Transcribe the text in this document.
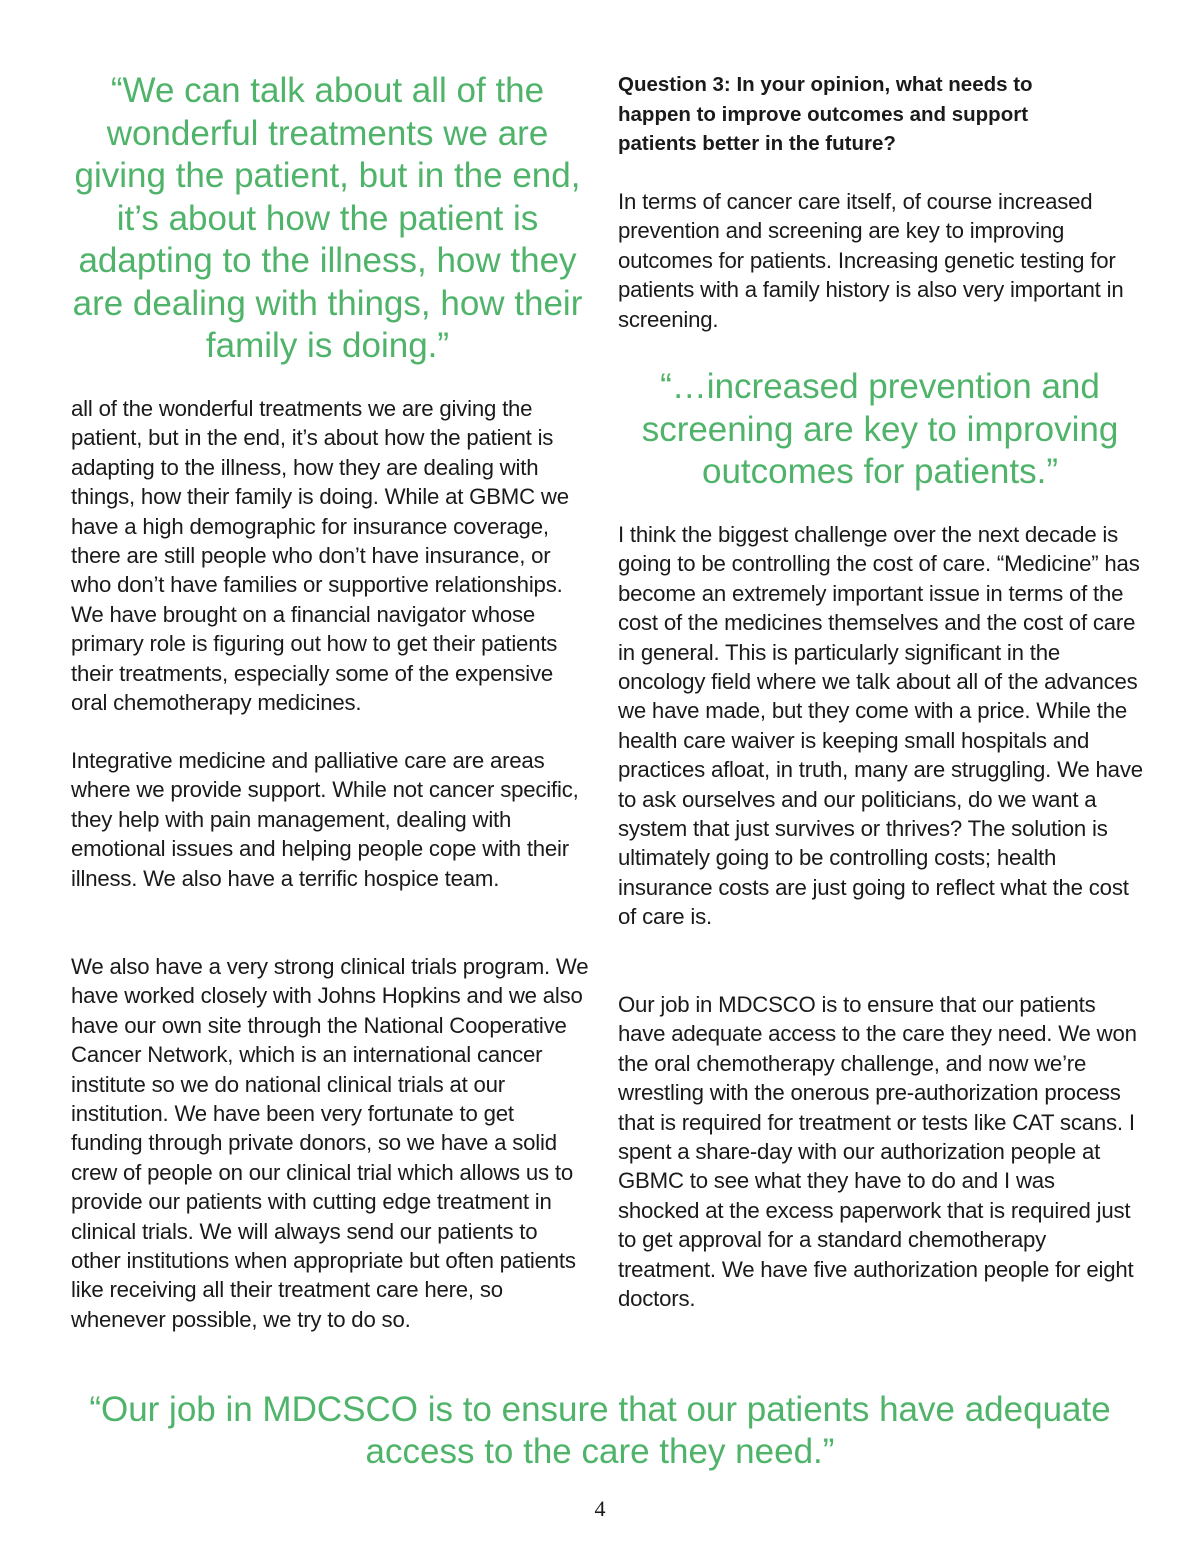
“We can talk about all of the wonderful treatments we are giving the patient, but in the end, it’s about how the patient is adapting to the illness, how they are dealing with things, how their family is doing.”

all of the wonderful treatments we are giving the patient, but in the end, it’s about how the patient is adapting to the illness, how they are dealing with things, how their family is doing. While at GBMC we have a high demographic for insurance coverage, there are still people who don’t have insurance, or who don’t have families or supportive relationships. We have brought on a financial navigator whose primary role is figuring out how to get their patients their treatments, especially some of the expensive oral chemotherapy medicines.

Integrative medicine and palliative care are areas where we provide support. While not cancer specific, they help with pain management, dealing with emotional issues and helping people cope with their illness. We also have a terrific hospice team.

We also have a very strong clinical trials program. We have worked closely with Johns Hopkins and we also have our own site through the National Cooperative Cancer Network, which is an international cancer institute so we do national clinical trials at our institution. We have been very fortunate to get funding through private donors, so we have a solid crew of people on our clinical trial which allows us to provide our patients with cutting edge treatment in clinical trials. We will always send our patients to other institutions when appropriate but often patients like receiving all their treatment care here, so whenever possible, we try to do so.

Question 3: In your opinion, what needs to happen to improve outcomes and support patients better in the future?

In terms of cancer care itself, of course increased prevention and screening are key to improving outcomes for patients. Increasing genetic testing for patients with a family history is also very important in screening.

“…increased prevention and screening are key to improving outcomes for patients.”

I think the biggest challenge over the next decade is going to be controlling the cost of care. “Medicine” has become an extremely important issue in terms of the cost of the medicines themselves and the cost of care in general. This is particularly significant in the oncology field where we talk about all of the advances we have made, but they come with a price. While the health care waiver is keeping small hospitals and practices afloat, in truth, many are struggling. We have to ask ourselves and our politicians, do we want a system that just survives or thrives? The solution is ultimately going to be controlling costs; health insurance costs are just going to reflect what the cost of care is.

Our job in MDCSCO is to ensure that our patients have adequate access to the care they need. We won the oral chemotherapy challenge, and now we’re wrestling with the onerous pre-authorization process that is required for treatment or tests like CAT scans. I spent a share-day with our authorization people at GBMC to see what they have to do and I was shocked at the excess paperwork that is required just to get approval for a standard chemotherapy treatment. We have five authorization people for eight doctors.

“Our job in MDCSCO is to ensure that our patients have adequate access to the care they need.”

4
